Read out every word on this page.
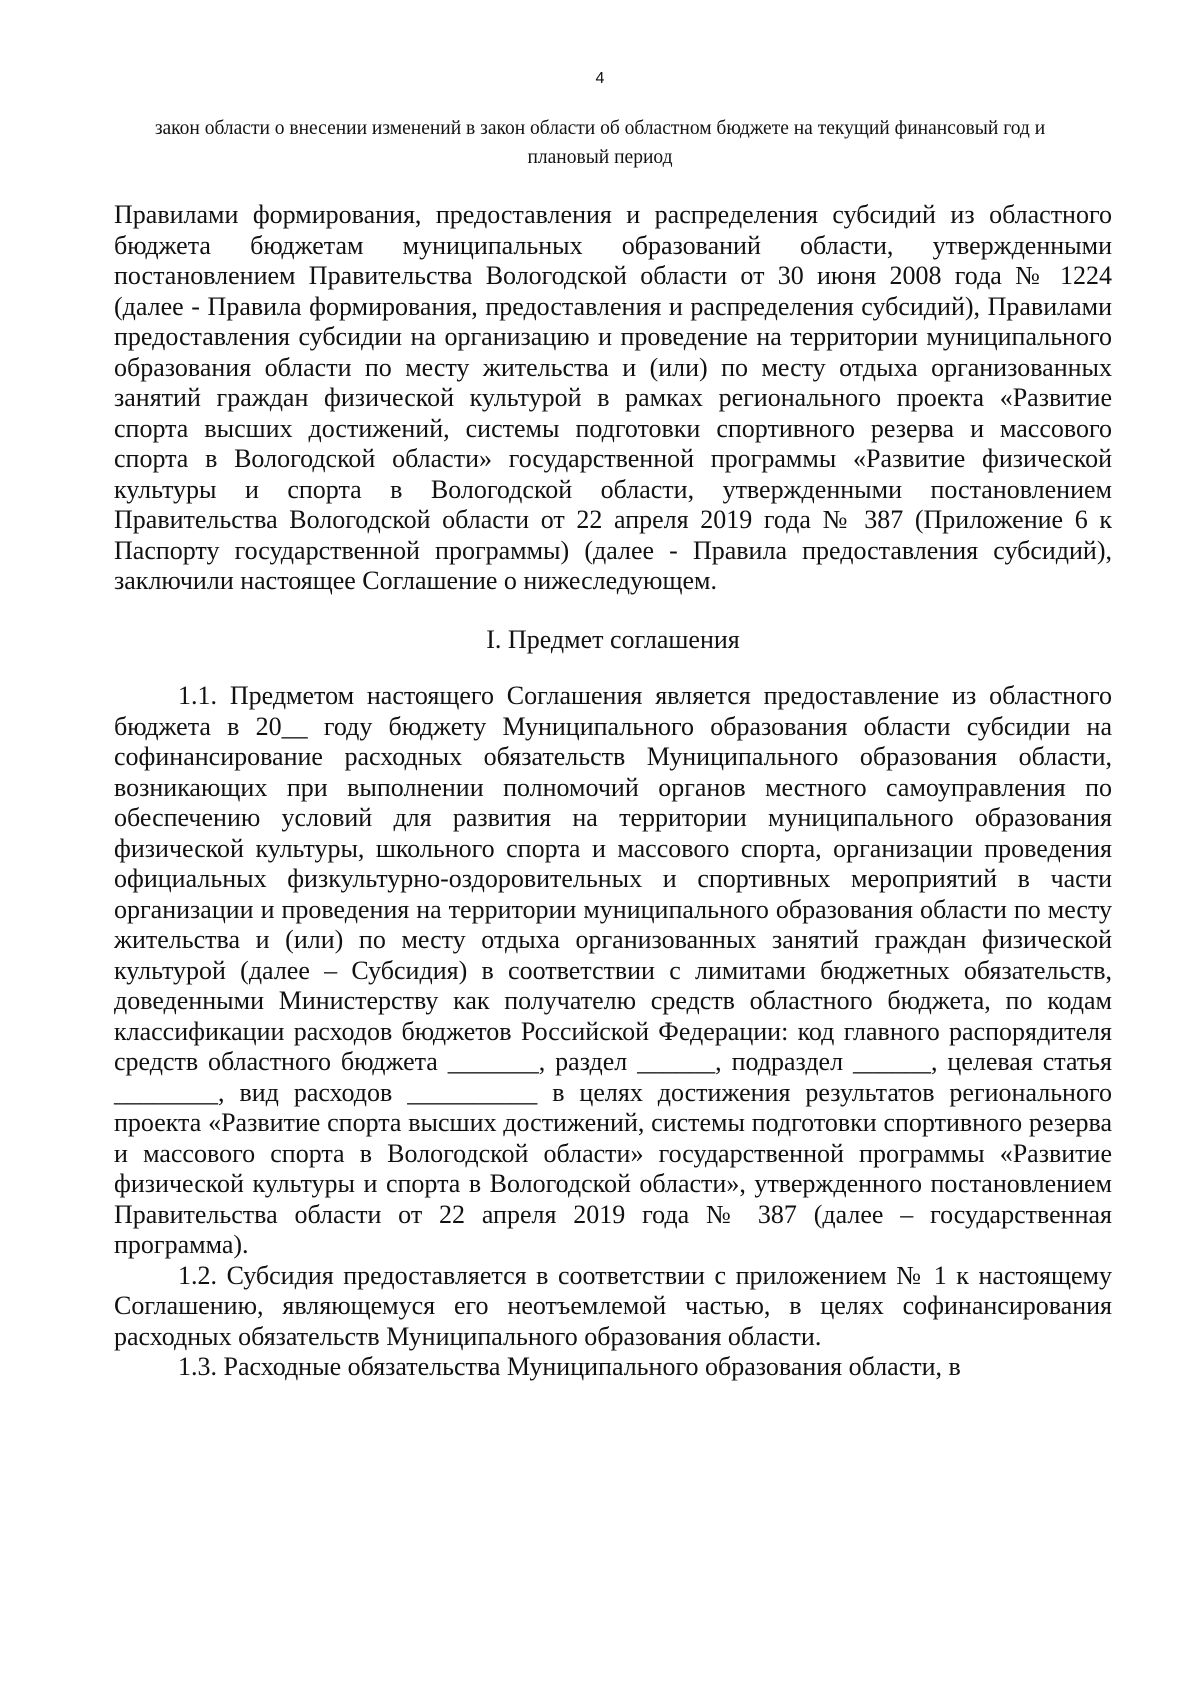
4
закон области о внесении изменений в закон области об областном бюджете на текущий финансовый год и плановый период

Правилами формирования, предоставления и распределения субсидий из областного бюджета бюджетам муниципальных образований области, утвержденными постановлением Правительства Вологодской области от 30 июня 2008 года № 1224 (далее - Правила формирования, предоставления и распределения субсидий), Правилами предоставления субсидии на организацию и проведение на территории муниципального образования области по месту жительства и (или) по месту отдыха организованных занятий граждан физической культурой в рамках регионального проекта «Развитие спорта высших достижений, системы подготовки спортивного резерва и массового спорта в Вологодской области» государственной программы «Развитие физической культуры и спорта в Вологодской области, утвержденными постановлением Правительства Вологодской области от 22 апреля 2019 года № 387 (Приложение 6 к Паспорту государственной программы) (далее - Правила предоставления субсидий), заключили настоящее Соглашение о нижеследующем.

I. Предмет соглашения

1.1. Предметом настоящего Соглашения является предоставление из областного бюджета в 20__ году бюджету Муниципального образования области субсидии на софинансирование расходных обязательств Муниципального образования области, возникающих при выполнении полномочий органов местного самоуправления по обеспечению условий для развития на территории муниципального образования физической культуры, школьного спорта и массового спорта, организации проведения официальных физкультурно-оздоровительных и спортивных мероприятий в части организации и проведения на территории муниципального образования области по месту жительства и (или) по месту отдыха организованных занятий граждан физической культурой (далее – Субсидия) в соответствии с лимитами бюджетных обязательств, доведенными Министерству как получателю средств областного бюджета, по кодам классификации расходов бюджетов Российской Федерации: код главного распорядителя средств областного бюджета _______, раздел ______, подраздел ______, целевая статья ________, вид расходов __________ в целях достижения результатов регионального проекта «Развитие спорта высших достижений, системы подготовки спортивного резерва и массового спорта в Вологодской области» государственной программы «Развитие физической культуры и спорта в Вологодской области», утвержденного постановлением Правительства области от 22 апреля 2019 года № 387 (далее – государственная программа).

1.2. Субсидия предоставляется в соответствии с приложением № 1 к настоящему Соглашению, являющемуся его неотъемлемой частью, в целях софинансирования расходных обязательств Муниципального образования области.

1.3. Расходные обязательства Муниципального образования области, в
